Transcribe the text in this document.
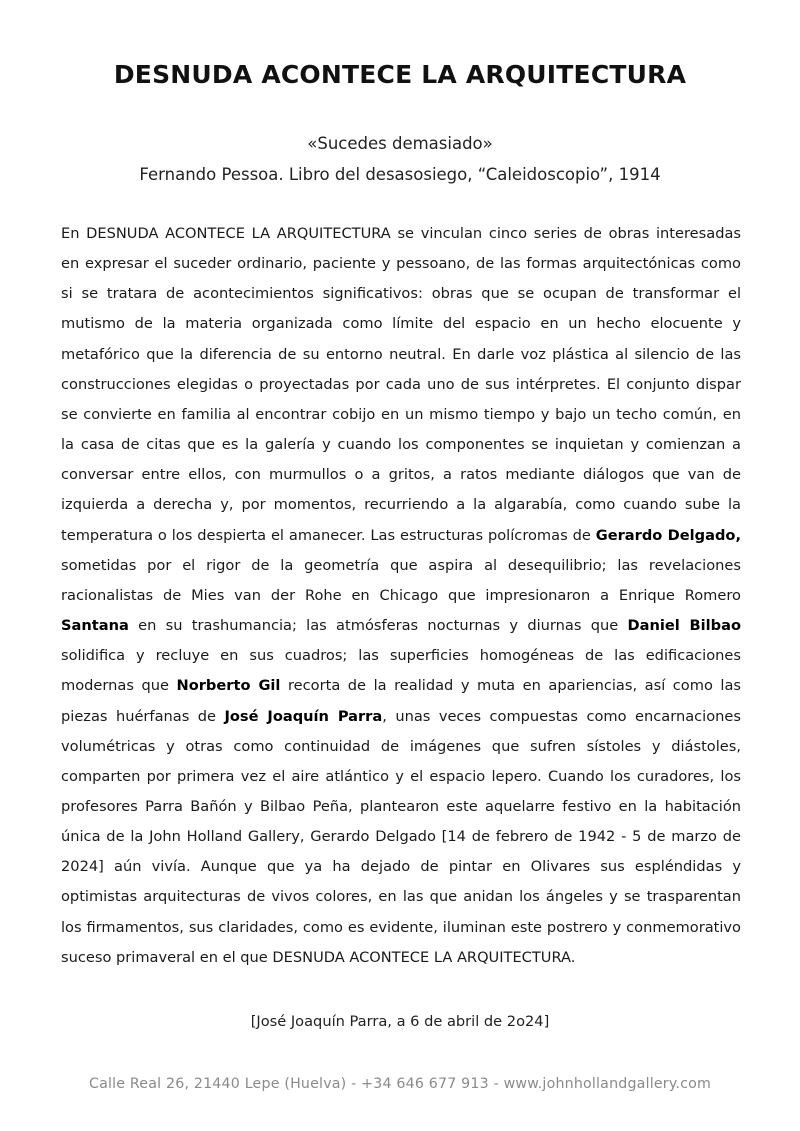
DESNUDA ACONTECE LA ARQUITECTURA
«Sucedes demasiado»
Fernando Pessoa. Libro del desasosiego, “Caleidoscopio”, 1914

En DESNUDA ACONTECE LA ARQUITECTURA se vinculan cinco series de obras interesadas en expresar el suceder ordinario, paciente y pessoano, de las formas arquitectónicas como si se tratara de acontecimientos significativos: obras que se ocupan de transformar el mutismo de la materia organizada como límite del espacio en un hecho elocuente y metafórico que la diferencia de su entorno neutral. En darle voz plástica al silencio de las construcciones elegidas o proyectadas por cada uno de sus intérpretes. El conjunto dispar se convierte en familia al encontrar cobijo en un mismo tiempo y bajo un techo común, en la casa de citas que es la galería y cuando los componentes se inquietan y comienzan a conversar entre ellos, con murmullos o a gritos, a ratos mediante diálogos que van de izquierda a derecha y, por momentos, recurriendo a la algarabía, como cuando sube la temperatura o los despierta el amanecer. Las estructuras polícromas de Gerardo Delgado, sometidas por el rigor de la geometría que aspira al desequilibrio; las revelaciones racionalistas de Mies van der Rohe en Chicago que impresionaron a Enrique Romero Santana en su trashumancia; las atmósferas nocturnas y diurnas que Daniel Bilbao solidifica y recluye en sus cuadros; las superficies homogéneas de las edificaciones modernas que Norberto Gil recorta de la realidad y muta en apariencias, así como las piezas huérfanas de José Joaquín Parra, unas veces compuestas como encarnaciones volumétricas y otras como continuidad de imágenes que sufren sístoles y diástoles, comparten por primera vez el aire atlántico y el espacio lepero. Cuando los curadores, los profesores Parra Bañón y Bilbao Peña, plantearon este aquelarre festivo en la habitación única de la John Holland Gallery, Gerardo Delgado [14 de febrero de 1942 - 5 de marzo de 2024] aún vivía. Aunque que ya ha dejado de pintar en Olivares sus espléndidas y optimistas arquitecturas de vivos colores, en las que anidan los ángeles y se trasparentan los firmamentos, sus claridades, como es evidente, iluminan este postrero y conmemorativo suceso primaveral en el que DESNUDA ACONTECE LA ARQUITECTURA.

[José Joaquín Parra, a 6 de abril de 2o24]
Calle Real 26, 21440 Lepe (Huelva) - +34 646 677 913 - www.johnhollandgallery.com
